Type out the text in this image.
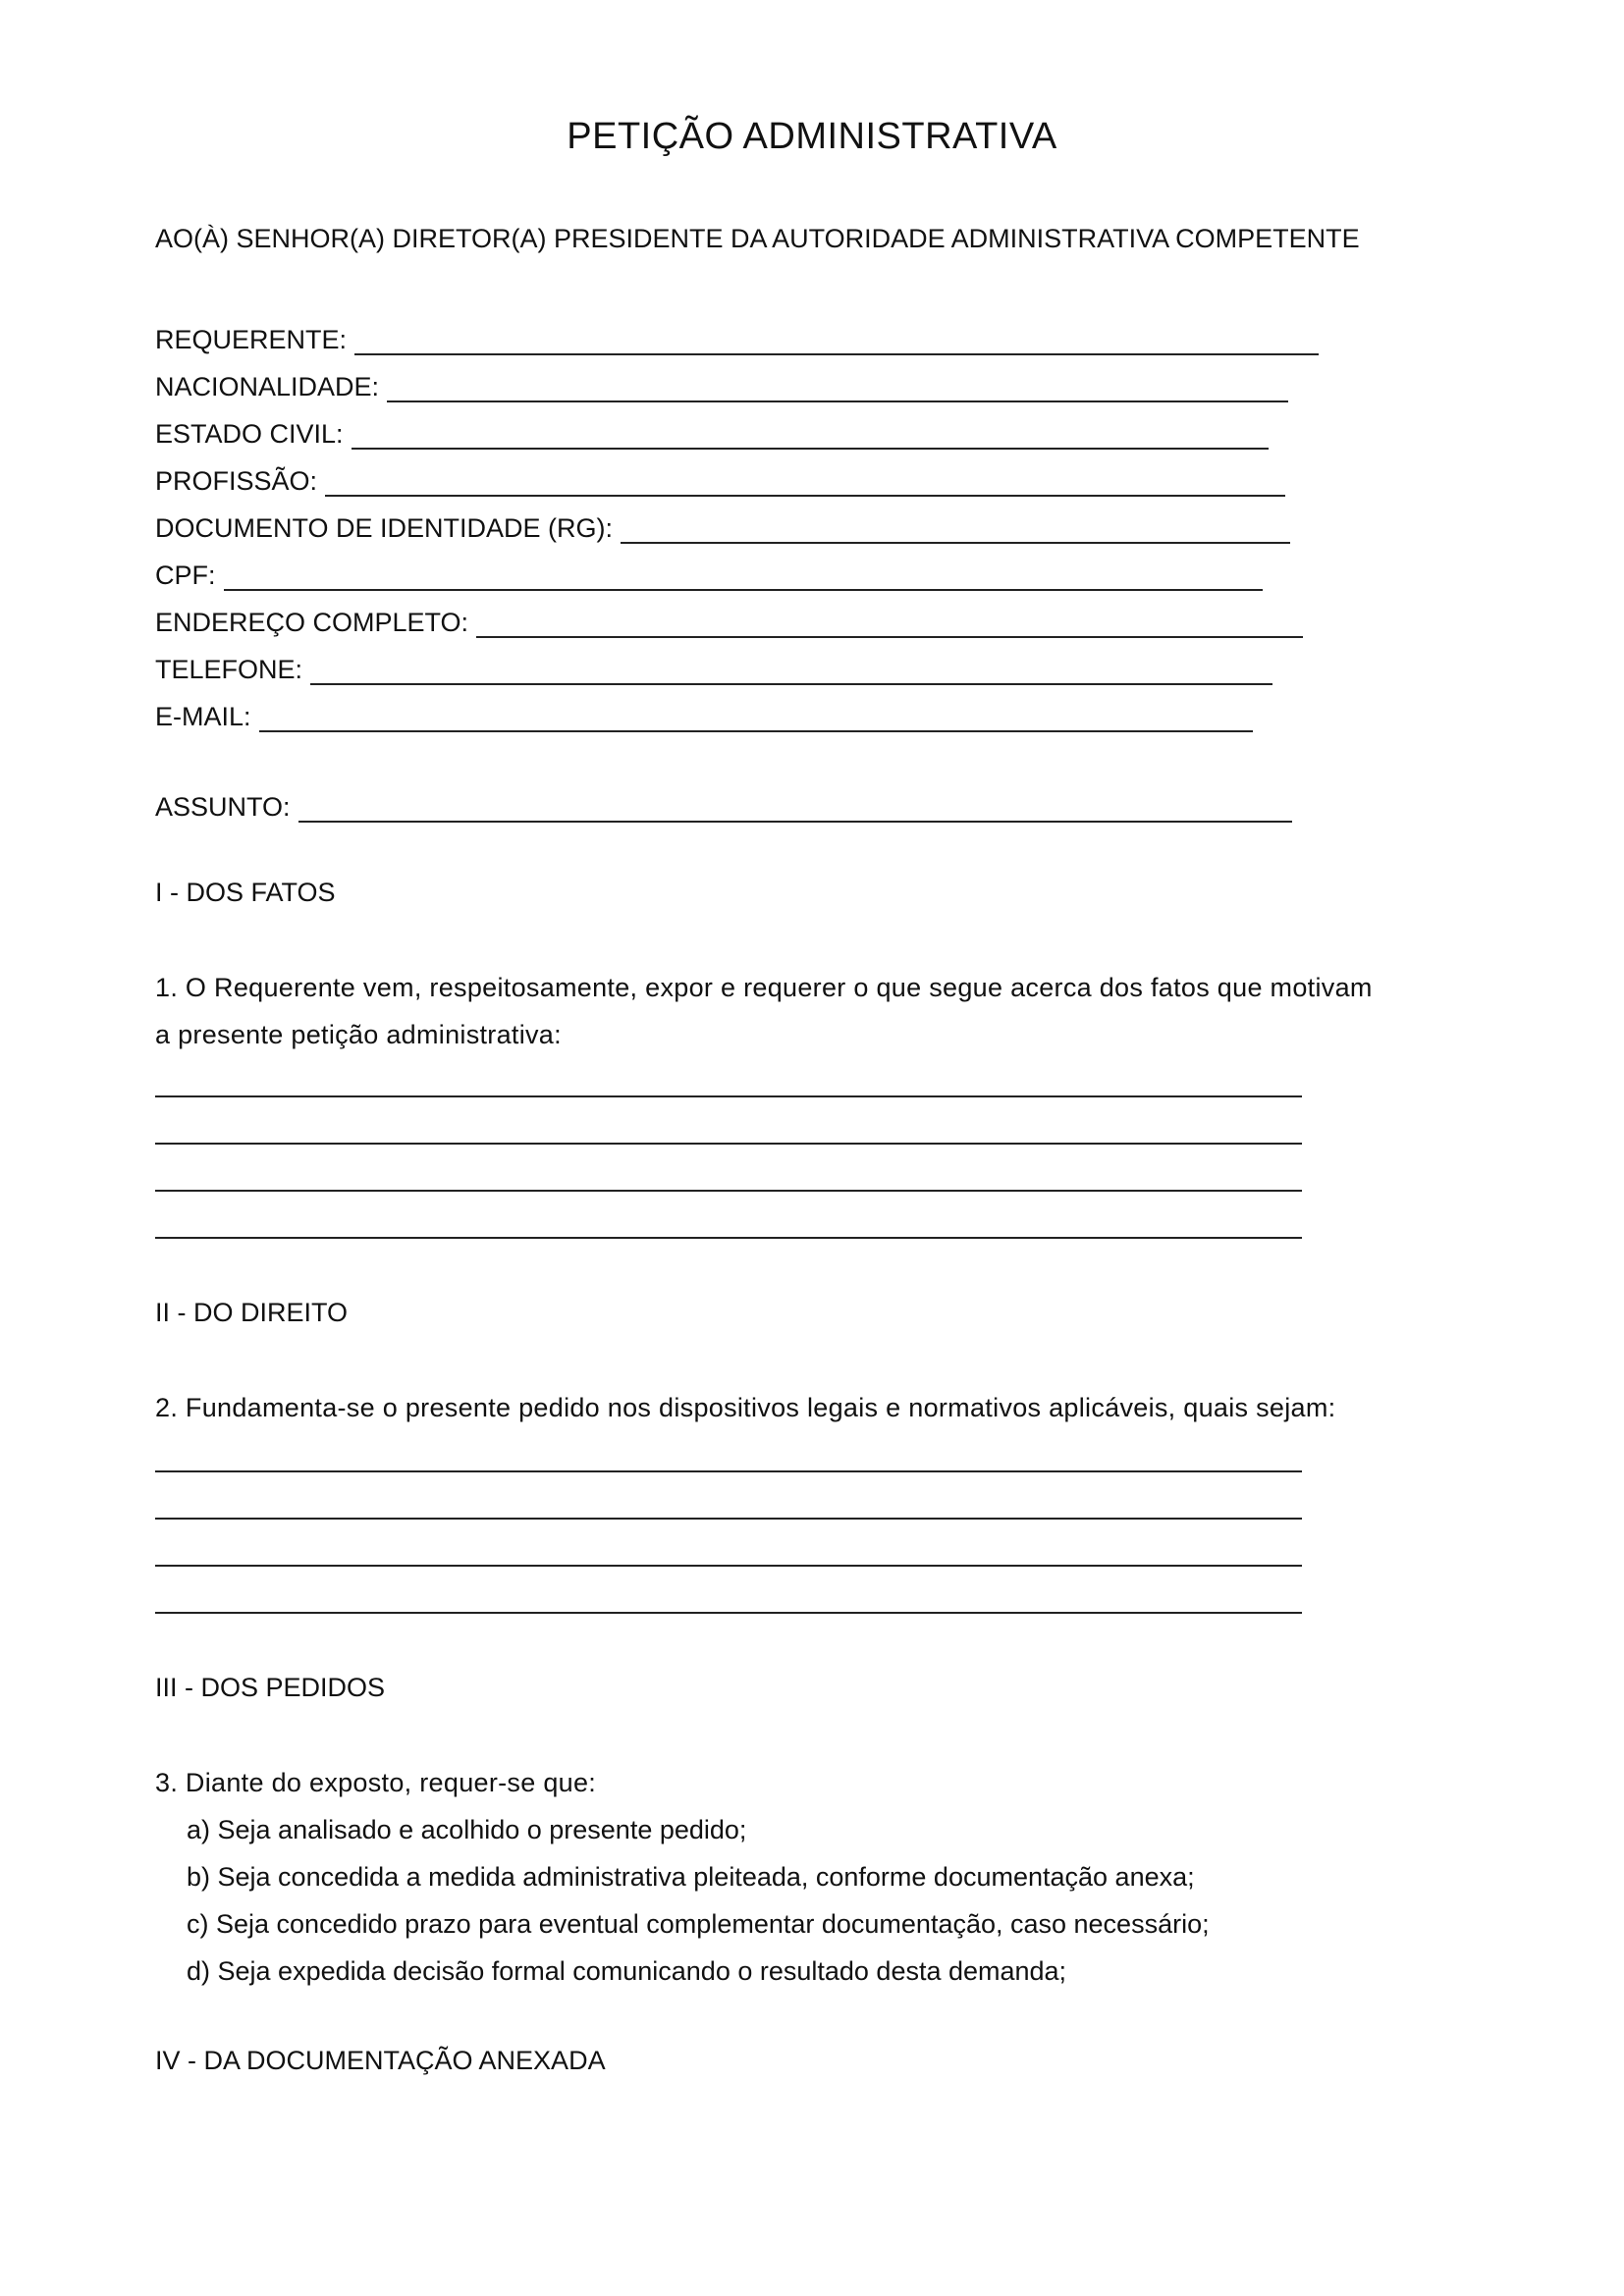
PETIÇÃO ADMINISTRATIVA
AO(À) SENHOR(A) DIRETOR(A) PRESIDENTE DA AUTORIDADE ADMINISTRATIVA COMPETENTE
REQUERENTE:
NACIONALIDADE:
ESTADO CIVIL:
PROFISSÃO:
DOCUMENTO DE IDENTIDADE (RG):
CPF:
ENDEREÇO COMPLETO:
TELEFONE:
E-MAIL:
ASSUNTO:
I - DOS FATOS
1. O Requerente vem, respeitosamente, expor e requerer o que segue acerca dos fatos que motivam
a presente petição administrativa:
II - DO DIREITO
2. Fundamenta-se o presente pedido nos dispositivos legais e normativos aplicáveis, quais sejam:
III - DOS PEDIDOS
3. Diante do exposto, requer-se que:
a) Seja analisado e acolhido o presente pedido;
b) Seja concedida a medida administrativa pleiteada, conforme documentação anexa;
c) Seja concedido prazo para eventual complementar documentação, caso necessário;
d) Seja expedida decisão formal comunicando o resultado desta demanda;
IV - DA DOCUMENTAÇÃO ANEXADA
